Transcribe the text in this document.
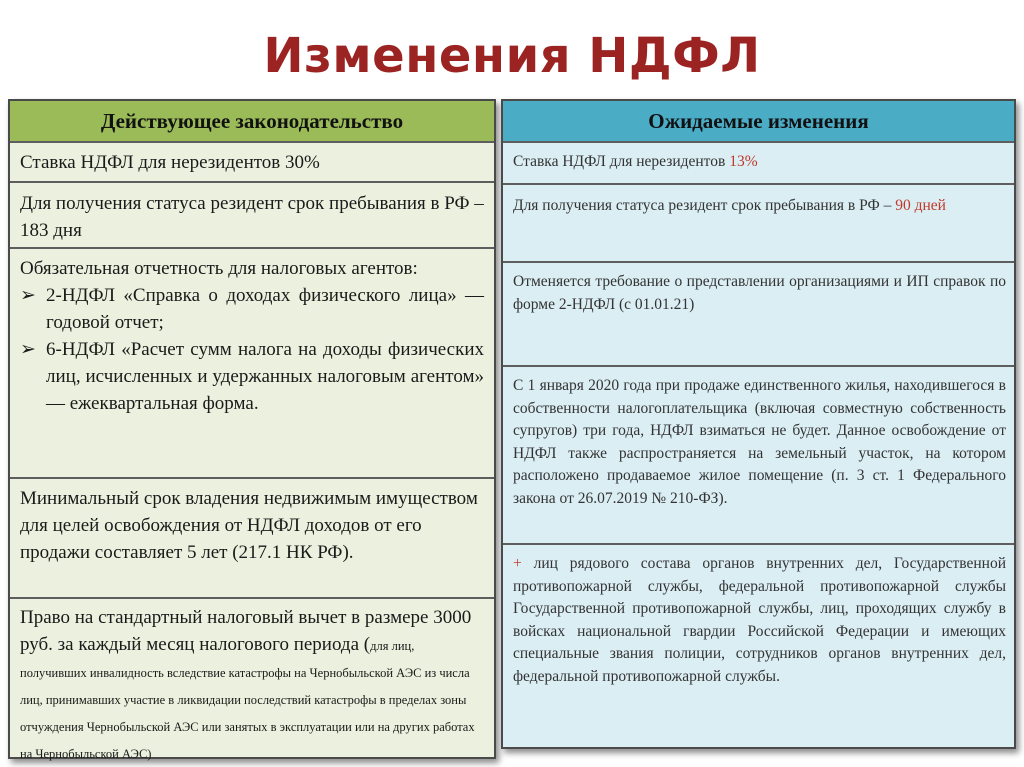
Изменения НДФЛ
Действующее законодательство
Ставка НДФЛ для нерезидентов 30%
Для получения статуса резидент срок пребывания в РФ – 183 дня
Обязательная отчетность для налоговых агентов:
➢ 2-НДФЛ «Справка о доходах физического лица» — годовой отчет;
➢ 6-НДФЛ «Расчет сумм налога на доходы физических лиц, исчисленных и удержанных налоговым агентом» — ежеквартальная форма.
Минимальный срок владения недвижимым имуществом для целей освобождения от НДФЛ доходов от его продажи составляет 5 лет (217.1 НК РФ).
Право на стандартный налоговый вычет в размере 3000 руб. за каждый месяц налогового периода (для лиц, получивших инвалидность вследствие катастрофы на Чернобыльской АЭС из числа лиц, принимавших участие в ликвидации последствий катастрофы в пределах зоны отчуждения Чернобыльской АЭС или занятых в эксплуатации или на других работах на Чернобыльской АЭС)
Ожидаемые изменения
Ставка НДФЛ для нерезидентов 13%
Для получения статуса резидент срок пребывания в РФ – 90 дней
Отменяется требование о представлении организациями и ИП справок по форме 2-НДФЛ (с 01.01.21)
С 1 января 2020 года при продаже единственного жилья, находившегося в собственности налогоплательщика (включая совместную собственность супругов) три года, НДФЛ взиматься не будет. Данное освобождение от НДФЛ также распространяется на земельный участок, на котором расположено продаваемое жилое помещение (п. 3 ст. 1 Федерального закона от 26.07.2019 № 210-ФЗ).
+ лиц рядового состава органов внутренних дел, Государственной противопожарной службы, федеральной противопожарной службы Государственной противопожарной службы, лиц, проходящих службу в войсках национальной гвардии Российской Федерации и имеющих специальные звания полиции, сотрудников органов внутренних дел, федеральной противопожарной службы.
